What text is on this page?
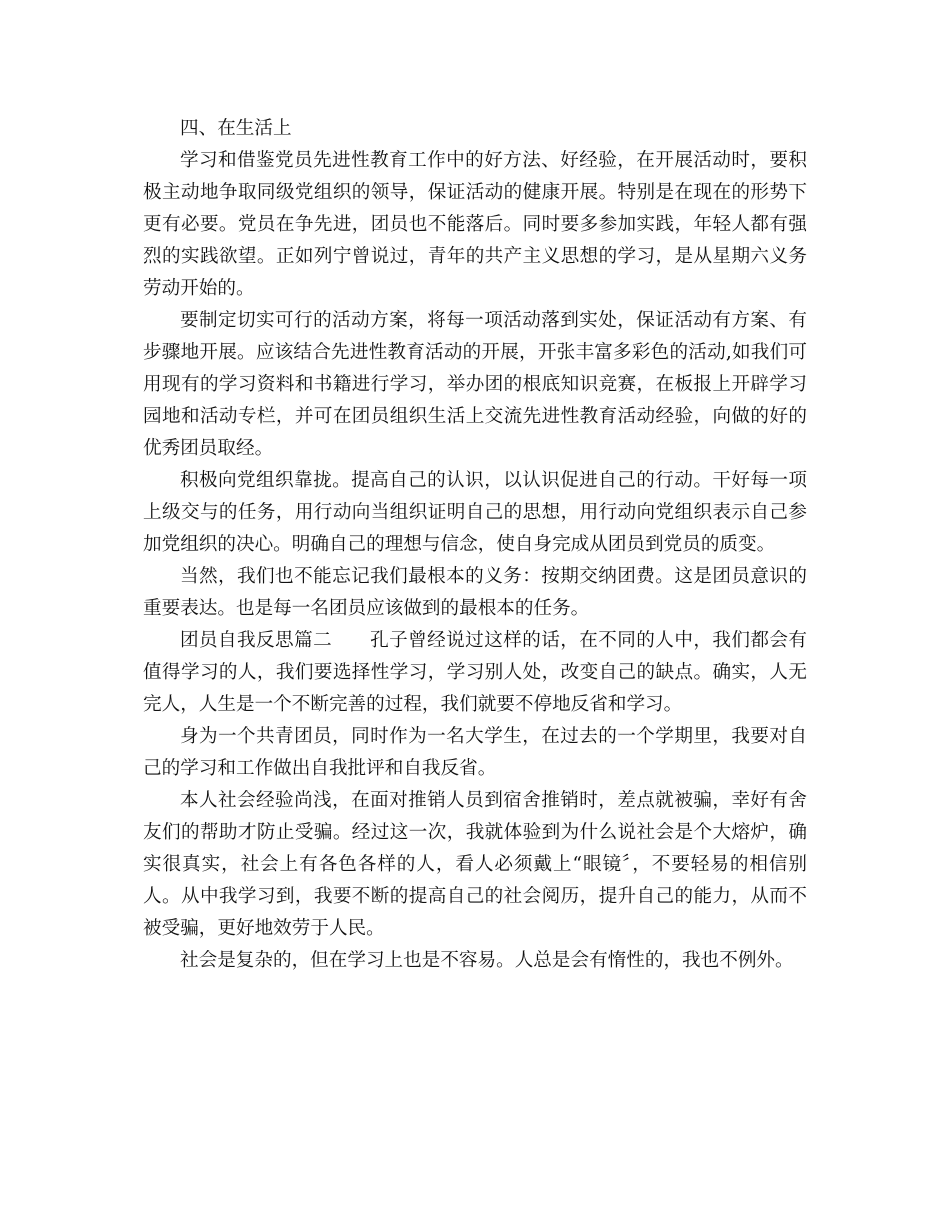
四、在生活上

学习和借鉴党员先进性教育工作中的好方法、好经验，在开展活动时，要积极主动地争取同级党组织的领导，保证活动的健康开展。特别是在现在的形势下更有必要。党员在争先进，团员也不能落后。同时要多参加实践，年轻人都有强烈的实践欲望。正如列宁曾说过，青年的共产主义思想的学习，是从星期六义务劳动开始的。

要制定切实可行的活动方案，将每一项活动落到实处，保证活动有方案、有步骤地开展。应该结合先进性教育活动的开展，开张丰富多彩色的活动,如我们可用现有的学习资料和书籍进行学习，举办团的根底知识竞赛，在板报上开辟学习园地和活动专栏，并可在团员组织生活上交流先进性教育活动经验，向做的好的优秀团员取经。

积极向党组织靠拢。提高自己的认识，以认识促进自己的行动。干好每一项上级交与的任务，用行动向当组织证明自己的思想，用行动向党组织表示自己参加党组织的决心。明确自己的理想与信念，使自身完成从团员到党员的质变。

当然，我们也不能忘记我们最根本的义务：按期交纳团费。这是团员意识的重要表达。也是每一名团员应该做到的最根本的任务。

团员自我反思篇二　　孔子曾经说过这样的话，在不同的人中，我们都会有值得学习的人，我们要选择性学习，学习别人处，改变自己的缺点。确实，人无完人，人生是一个不断完善的过程，我们就要不停地反省和学习。

身为一个共青团员，同时作为一名大学生，在过去的一个学期里，我要对自己的学习和工作做出自我批评和自我反省。

本人社会经验尚浅，在面对推销人员到宿舍推销时，差点就被骗，幸好有舍友们的帮助才防止受骗。经过这一次，我就体验到为什么说社会是个大熔炉，确实很真实，社会上有各色各样的人，看人必须戴上“眼镜〞，不要轻易的相信别人。从中我学习到，我要不断的提高自己的社会阅历，提升自己的能力，从而不被受骗，更好地效劳于人民。

社会是复杂的，但在学习上也是不容易。人总是会有惰性的，我也不例外。
